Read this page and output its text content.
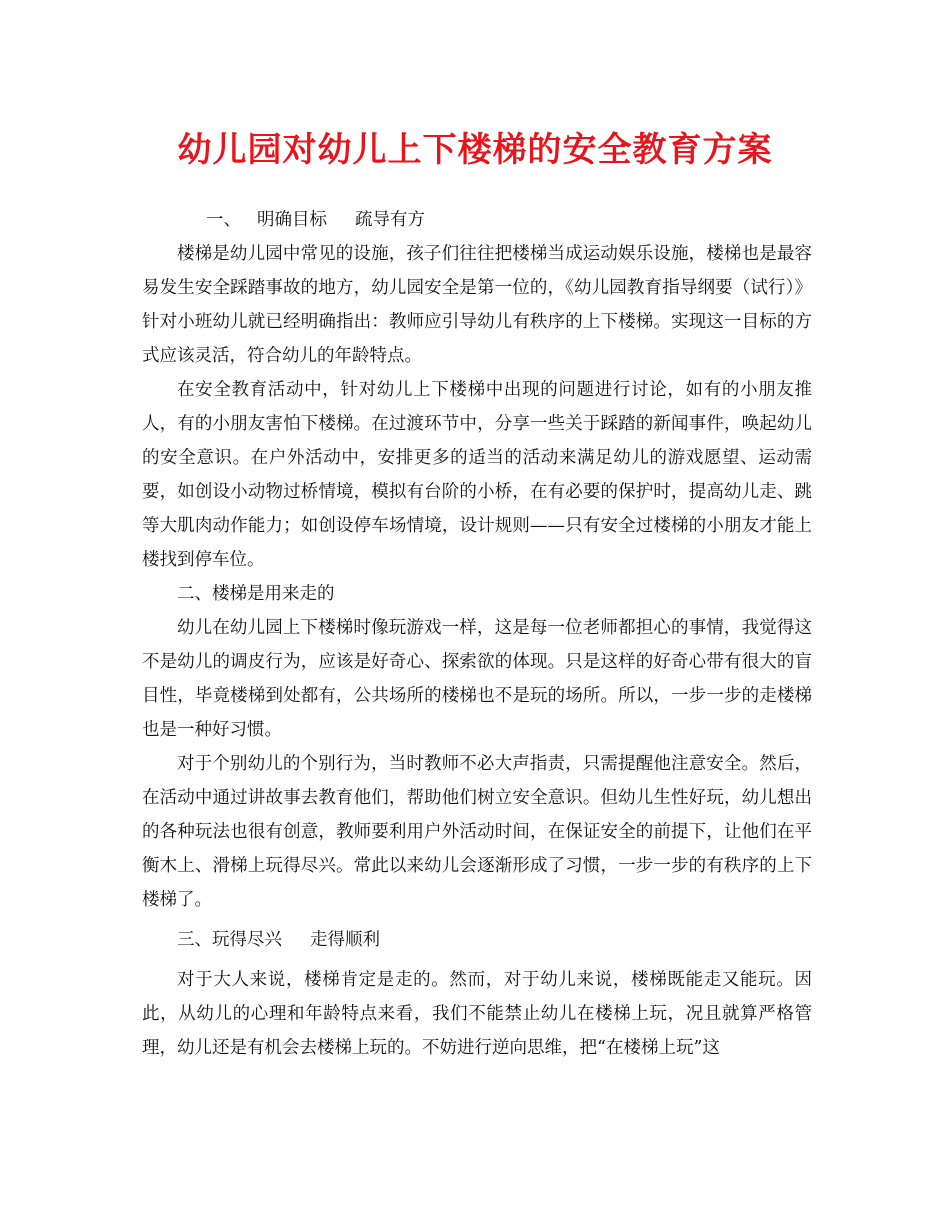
幼儿园对幼儿上下楼梯的安全教育方案

一、 明确目标 疏导有方

楼梯是幼儿园中常见的设施，孩子们往往把楼梯当成运动娱乐设施，楼梯也是最容易发生安全踩踏事故的地方，幼儿园安全是第一位的，《幼儿园教育指导纲要（试行）》针对小班幼儿就已经明确指出：教师应引导幼儿有秩序的上下楼梯。实现这一目标的方式应该灵活，符合幼儿的年龄特点。

在安全教育活动中，针对幼儿上下楼梯中出现的问题进行讨论，如有的小朋友推人，有的小朋友害怕下楼梯。在过渡环节中，分享一些关于踩踏的新闻事件，唤起幼儿的安全意识。在户外活动中，安排更多的适当的活动来满足幼儿的游戏愿望、运动需要，如创设小动物过桥情境，模拟有台阶的小桥，在有必要的保护时，提高幼儿走、跳等大肌肉动作能力；如创设停车场情境，设计规则——只有安全过楼梯的小朋友才能上楼找到停车位。

二、楼梯是用来走的

幼儿在幼儿园上下楼梯时像玩游戏一样，这是每一位老师都担心的事情，我觉得这不是幼儿的调皮行为，应该是好奇心、探索欲的体现。只是这样的好奇心带有很大的盲目性，毕竟楼梯到处都有，公共场所的楼梯也不是玩的场所。所以，一步一步的走楼梯也是一种好习惯。

对于个别幼儿的个别行为，当时教师不必大声指责，只需提醒他注意安全。然后，在活动中通过讲故事去教育他们，帮助他们树立安全意识。但幼儿生性好玩，幼儿想出的各种玩法也很有创意，教师要利用户外活动时间，在保证安全的前提下，让他们在平衡木上、滑梯上玩得尽兴。常此以来幼儿会逐渐形成了习惯，一步一步的有秩序的上下楼梯了。

三、玩得尽兴 走得顺利

对于大人来说，楼梯肯定是走的。然而，对于幼儿来说，楼梯既能走又能玩。因此，从幼儿的心理和年龄特点来看，我们不能禁止幼儿在楼梯上玩，况且就算严格管理，幼儿还是有机会去楼梯上玩的。不妨进行逆向思维，把“在楼梯上玩”这
